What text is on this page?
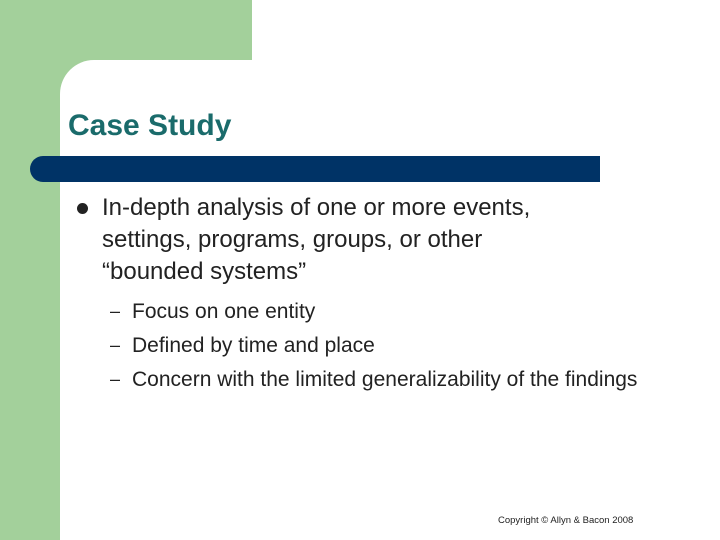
Case Study
In-depth analysis of one or more events, settings, programs, groups, or other “bounded systems”
– Focus on one entity
– Defined by time and place
– Concern with the limited generalizability of the findings
Copyright © Allyn & Bacon 2008
